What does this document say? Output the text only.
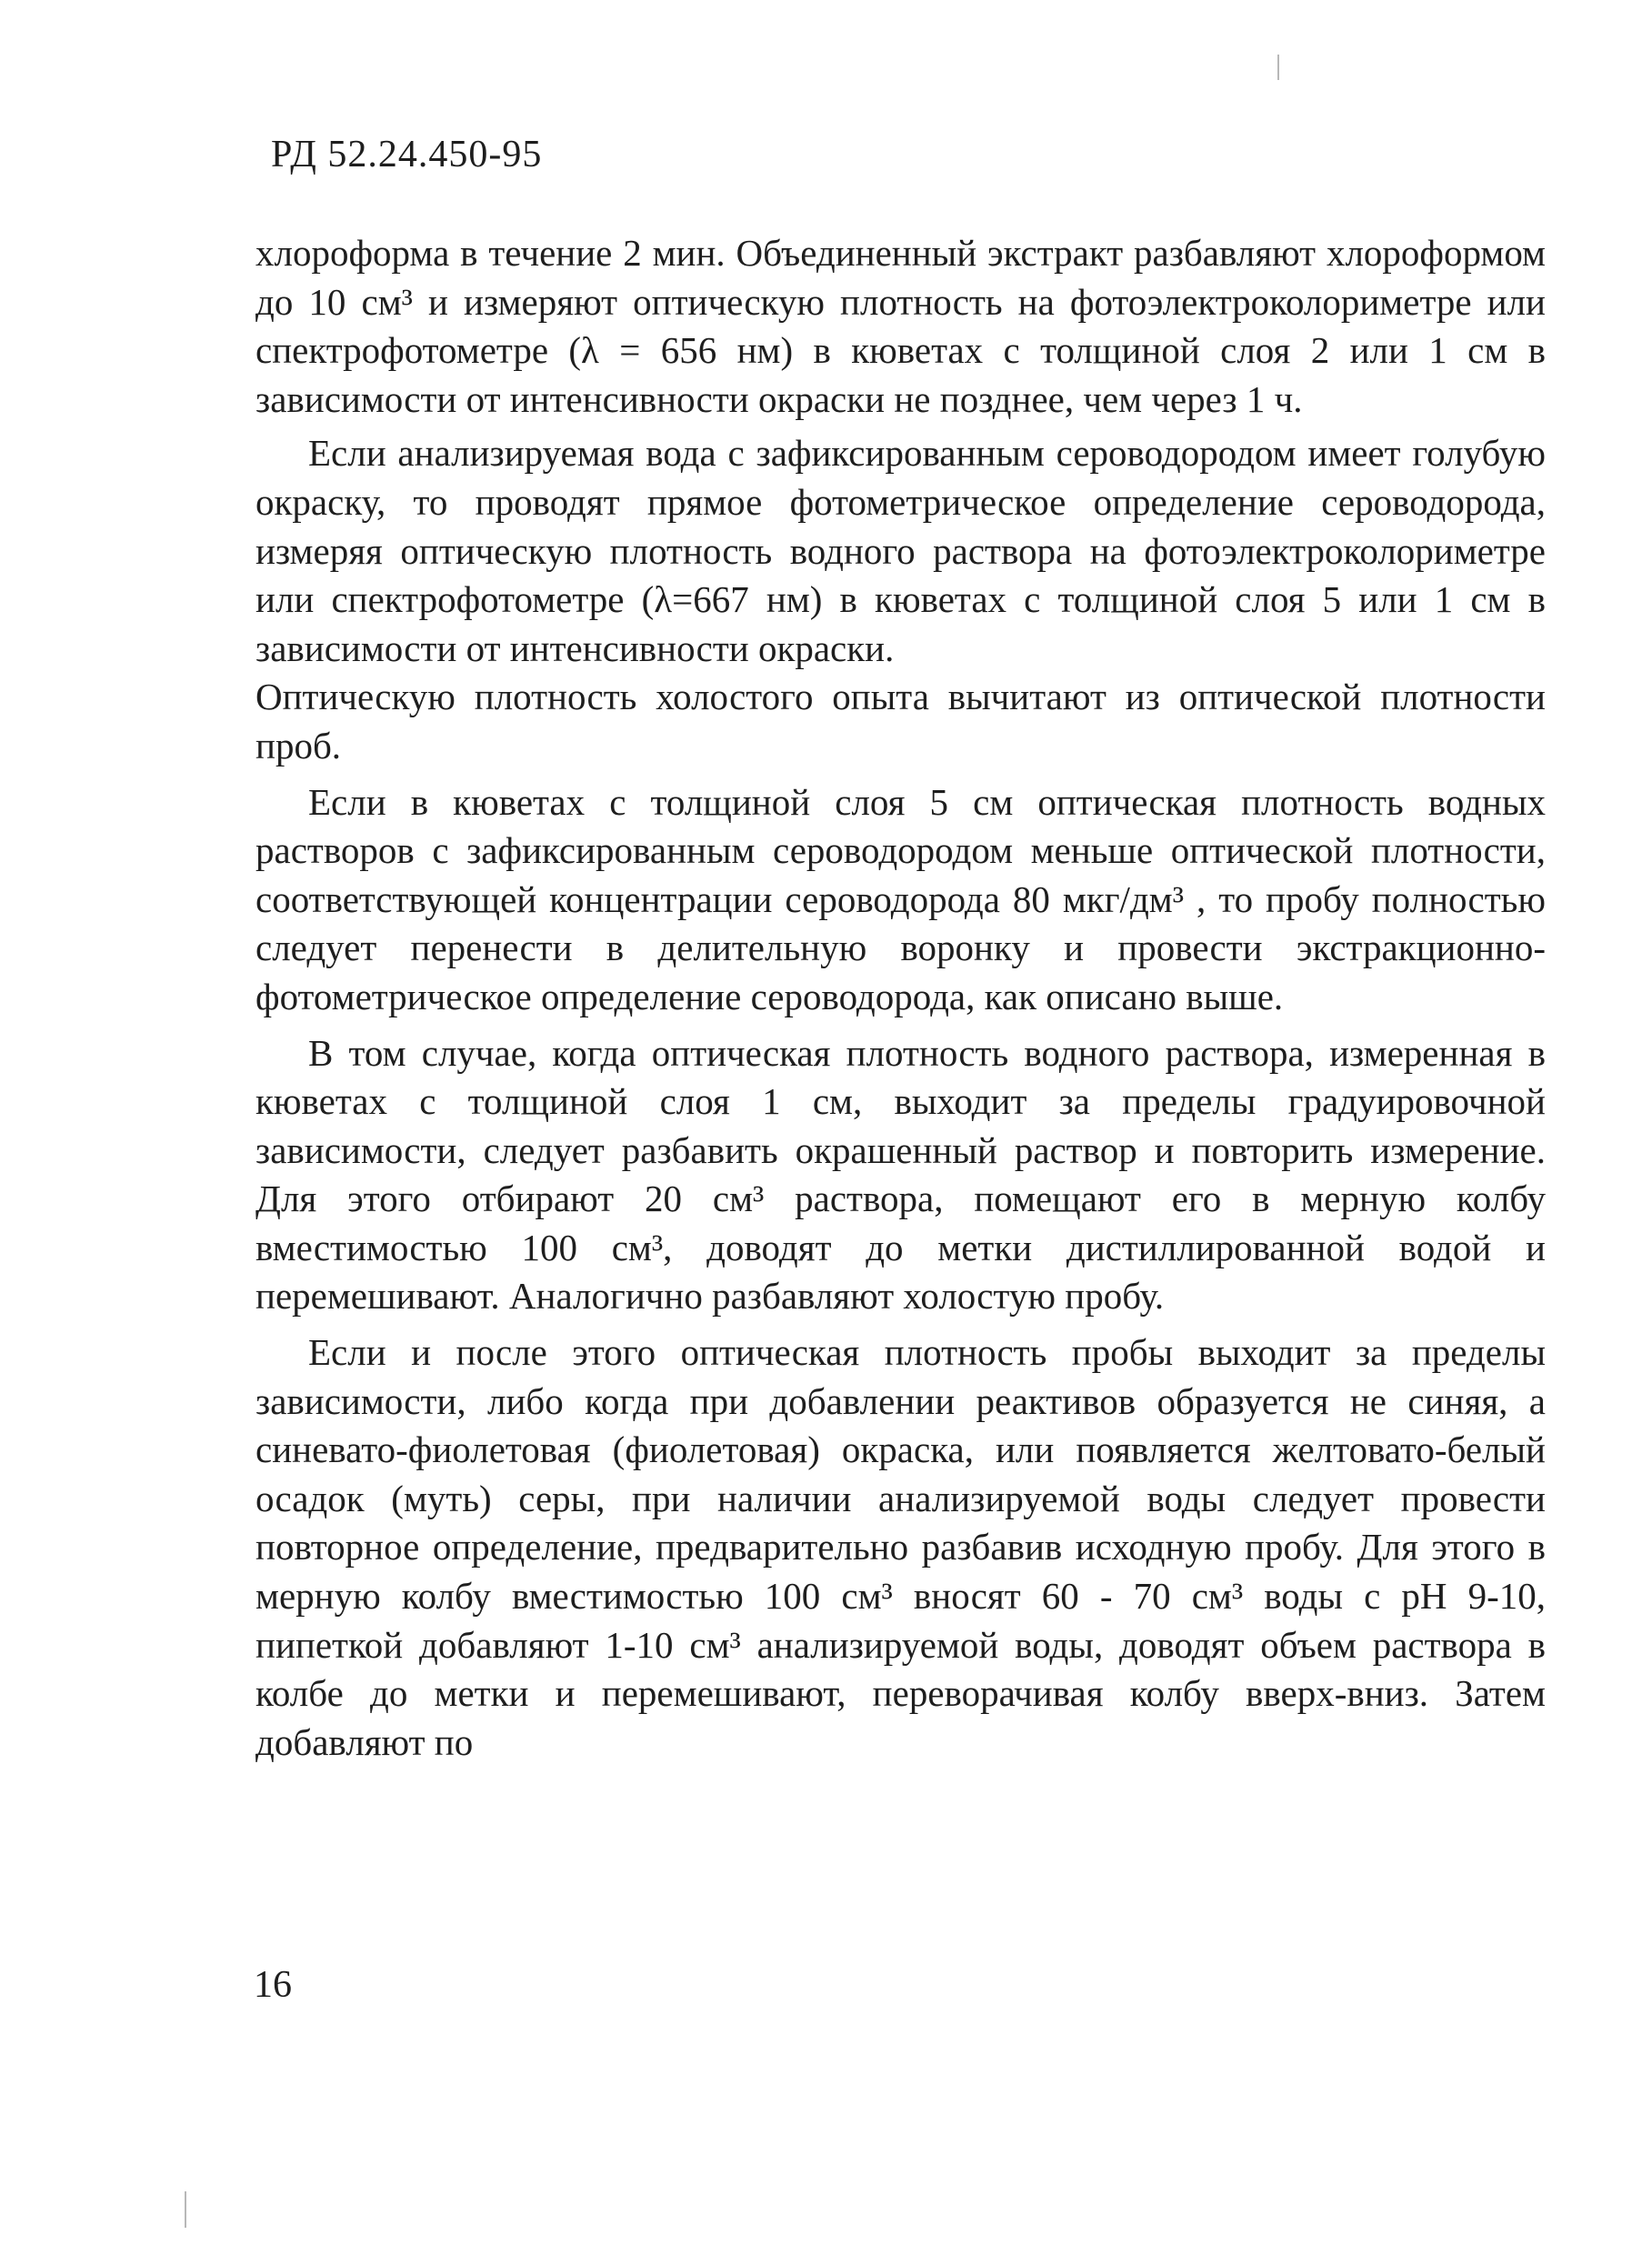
РД 52.24.450-95

хлороформа в течение 2 мин. Объединенный экстракт разбавляют хлороформом до 10 см³ и измеряют оптическую плотность на фотоэлектроколориметре или спектрофотометре (λ = 656 нм) в кюветах с толщиной слоя 2 или 1 см в зависимости от интенсивности окраски не позднее, чем через 1 ч.

Если анализируемая вода с зафиксированным сероводородом имеет голубую окраску, то проводят прямое фотометрическое определение сероводорода, измеряя оптическую плотность водного раствора на фотоэлектроколориметре или спектрофотометре (λ=667 нм) в кюветах с толщиной слоя 5 или 1 см в зависимости от интенсивности окраски.

Оптическую плотность холостого опыта вычитают из оптической плотности проб.

Если в кюветах с толщиной слоя 5 см оптическая плотность водных растворов с зафиксированным сероводородом меньше оптической плотности, соответствующей концентрации сероводорода 80 мкг/дм³ , то пробу полностью следует перенести в делительную воронку и провести экстракционно-фотометрическое определение сероводорода, как описано выше.

В том случае, когда оптическая плотность водного раствора, измеренная в кюветах с толщиной слоя 1 см, выходит за пределы градуировочной зависимости, следует разбавить окрашенный раствор и повторить измерение. Для этого отбирают 20 см³ раствора, помещают его в мерную колбу вместимостью 100 см³, доводят до метки дистиллированной водой и перемешивают. Аналогично разбавляют холостую пробу.

Если и после этого оптическая плотность пробы выходит за пределы зависимости, либо когда при добавлении реактивов образуется не синяя, а синевато-фиолетовая (фиолетовая) окраска, или появляется желтовато-белый осадок (муть) серы, при наличии анализируемой воды следует провести повторное определение, предварительно разбавив исходную пробу. Для этого в мерную колбу вместимостью 100 см³ вносят 60 - 70 см³ воды с pH 9-10, пипеткой добавляют 1-10 см³ анализируемой воды, доводят объем раствора в колбе до метки и перемешивают, переворачивая колбу вверх-вниз. Затем добавляют по

16
